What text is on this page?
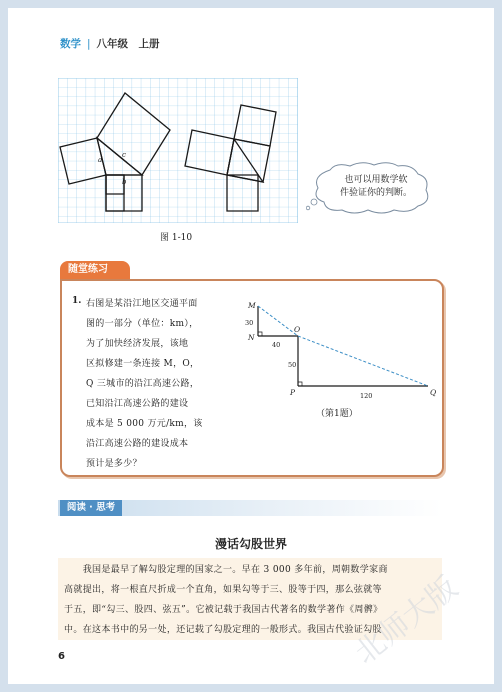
数学 | 八年级　上册
a
c
b
图 1-10
也可以用数学软
件验证你的判断。
随堂练习
1. 右图是某沿江地区交通平面
图的一部分（单位：km），
为了加快经济发展，该地
区拟修建一条连接 M，O，
Q 三城市的沿江高速公路，
已知沿江高速公路的建设
成本是 5 000 万元/km，该
沿江高速公路的建设成本
预计是多少？
M
N
O
P	Q
30
40
50
120
（第1题）
阅读 · 思考
漫话勾股世界
　　我国是最早了解勾股定理的国家之一。早在 3 000 多年前，周朝数学家商
高就提出，将一根直尺折成一个直角，如果勾等于三、股等于四，那么弦就等
于五，即“勾三、股四、弦五”。它被记载于我国古代著名的数学著作《周髀》
中。在这本书中的另一处，还记载了勾股定理的一般形式。我国古代验证勾股
北师大版
6
